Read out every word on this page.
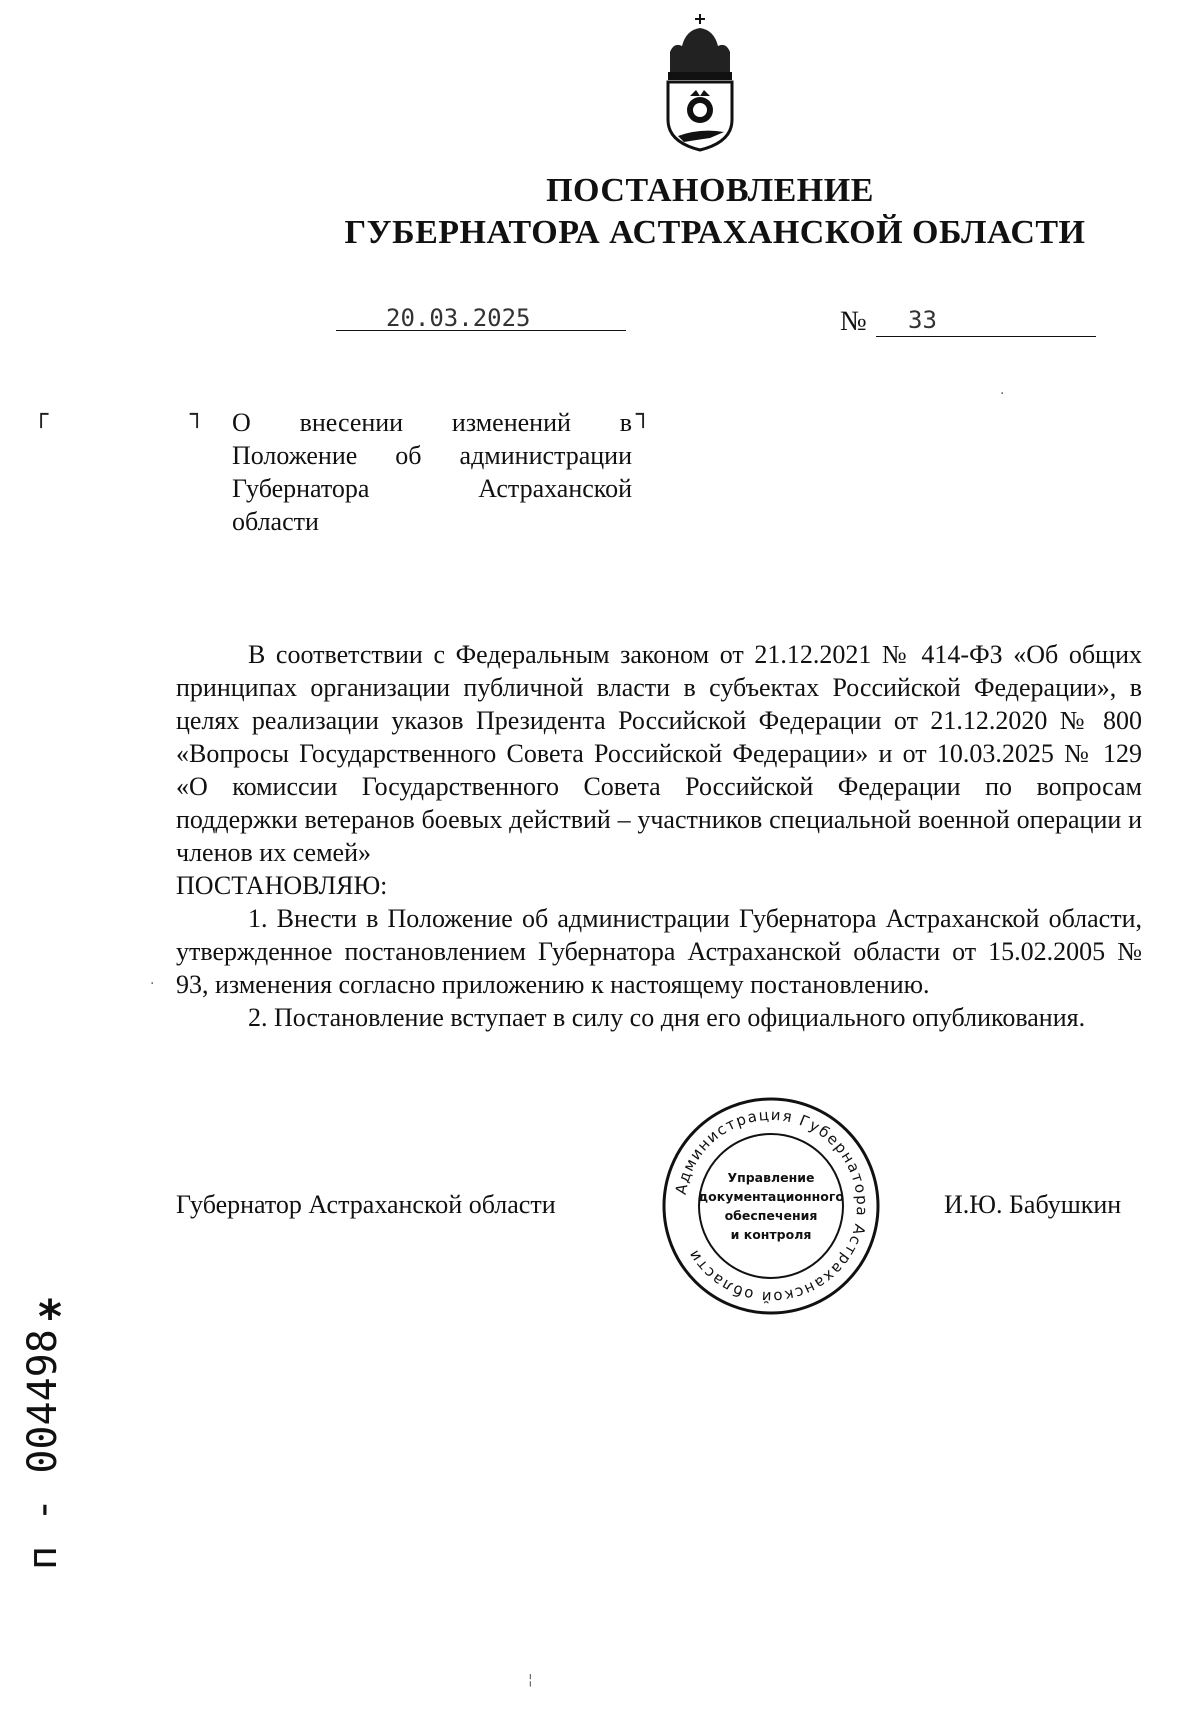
ПОСТАНОВЛЕНИЕ
ГУБЕРНАТОРА АСТРАХАНСКОЙ ОБЛАСТИ
20.03.2025	№ 33
┌	┐	┐
О внесении изменений в
Положение об администрации
Губернатора Астраханской
области

В соответствии с Федеральным законом от 21.12.2021 № 414-ФЗ «Об общих принципах организации публичной власти в субъектах Российской Федерации», в целях реализации указов Президента Российской Федерации от 21.12.2020 № 800 «Вопросы Государственного Совета Российской Федерации» и от 10.03.2025 № 129 «О комиссии Государственного Совета Российской Федерации по вопросам поддержки ветеранов боевых действий – участников специальной военной операции и членов их семей»

ПОСТАНОВЛЯЮ:

1. Внести в Положение об администрации Губернатора Астраханской области, утвержденное постановлением Губернатора Астраханской области от 15.02.2005 № 93, изменения согласно приложению к настоящему постановлению.

2. Постановление вступает в силу со дня его официального опубликования.

Губернатор Астраханской области	И.Ю. Бабушкин
Администрация Губернатора Астраханской области
Управление
документационного
обеспечения
и контроля
*
п - 004498
·
·
¦
